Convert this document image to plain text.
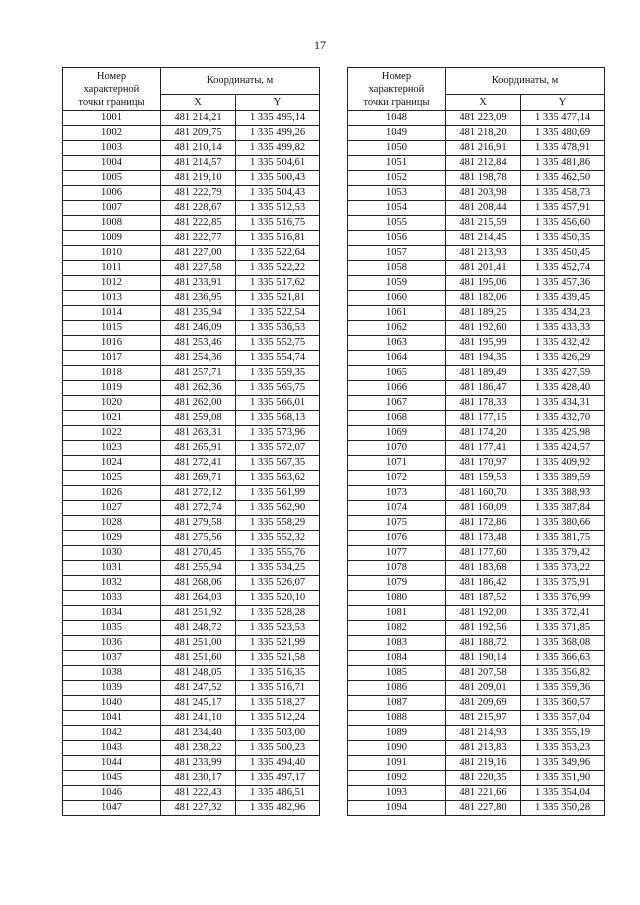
17
Номер
характерной
точки границы	Координаты, м	
	X	Y
1001	481 214,21	1 335 495,14
1002	481 209,75	1 335 499,26
1003	481 210,14	1 335 499,82
1004	481 214,57	1 335 504,61
1005	481 219,10	1 335 500,43
1006	481 222,79	1 335 504,43
1007	481 228,67	1 335 512,53
1008	481 222,85	1 335 516,75
1009	481 222,77	1 335 516,81
1010	481 227,00	1 335 522,64
1011	481 227,58	1 335 522,22
1012	481 233,91	1 335 517,62
1013	481 236,95	1 335 521,81
1014	481 235,94	1 335 522,54
1015	481 246,09	1 335 536,53
1016	481 253,46	1 335 552,75
1017	481 254,36	1 335 554,74
1018	481 257,71	1 335 559,35
1019	481 262,36	1 335 565,75
1020	481 262,00	1 335 566,01
1021	481 259,08	1 335 568,13
1022	481 263,31	1 335 573,96
1023	481 265,91	1 335 572,07
1024	481 272,41	1 335 567,35
1025	481 269,71	1 335 563,62
1026	481 272,12	1 335 561,99
1027	481 272,74	1 335 562,90
1028	481 279,58	1 335 558,29
1029	481 275,56	1 335 552,32
1030	481 270,45	1 335 555,76
1031	481 255,94	1 335 534,25
1032	481 268,06	1 335 526,07
1033	481 264,03	1 335 520,10
1034	481 251,92	1 335 528,28
1035	481 248,72	1 335 523,53
1036	481 251,00	1 335 521,99
1037	481 251,60	1 335 521,58
1038	481 248,05	1 335 516,35
1039	481 247,52	1 335 516,71
1040	481 245,17	1 335 518,27
1041	481 241,10	1 335 512,24
1042	481 234,40	1 335 503,00
1043	481 238,22	1 335 500,23
1044	481 233,99	1 335 494,40
1045	481 230,17	1 335 497,17
1046	481 222,43	1 335 486,51
1047	481 227,32	1 335 482,96
Номер
характерной
точки границы	Координаты, м	
	X	Y
1048	481 223,09	1 335 477,14
1049	481 218,20	1 335 480,69
1050	481 216,91	1 335 478,91
1051	481 212,84	1 335 481,86
1052	481 198,78	1 335 462,50
1053	481 203,98	1 335 458,73
1054	481 208,44	1 335 457,91
1055	481 215,59	1 335 456,60
1056	481 214,45	1 335 450,35
1057	481 213,93	1 335 450,45
1058	481 201,41	1 335 452,74
1059	481 195,06	1 335 457,36
1060	481 182,06	1 335 439,45
1061	481 189,25	1 335 434,23
1062	481 192,60	1 335 433,33
1063	481 195,99	1 335 432,42
1064	481 194,35	1 335 426,29
1065	481 189,49	1 335 427,59
1066	481 186,47	1 335 428,40
1067	481 178,33	1 335 434,31
1068	481 177,15	1 335 432,70
1069	481 174,20	1 335 425,98
1070	481 177,41	1 335 424,57
1071	481 170,97	1 335 409,92
1072	481 159,53	1 335 389,59
1073	481 160,70	1 335 388,93
1074	481 160,09	1 335 387,84
1075	481 172,86	1 335 380,66
1076	481 173,48	1 335 381,75
1077	481 177,60	1 335 379,42
1078	481 183,68	1 335 373,22
1079	481 186,42	1 335 375,91
1080	481 187,52	1 335 376,99
1081	481 192,00	1 335 372,41
1082	481 192,56	1 335 371,85
1083	481 188,72	1 335 368,08
1084	481 190,14	1 335 366,63
1085	481 207,58	1 335 356,82
1086	481 209,01	1 335 359,36
1087	481 209,69	1 335 360,57
1088	481 215,97	1 335 357,04
1089	481 214,93	1 335 355,19
1090	481 213,83	1 335 353,23
1091	481 219,16	1 335 349,96
1092	481 220,35	1 335 351,90
1093	481 221,66	1 335 354,04
1094	481 227,80	1 335 350,28
